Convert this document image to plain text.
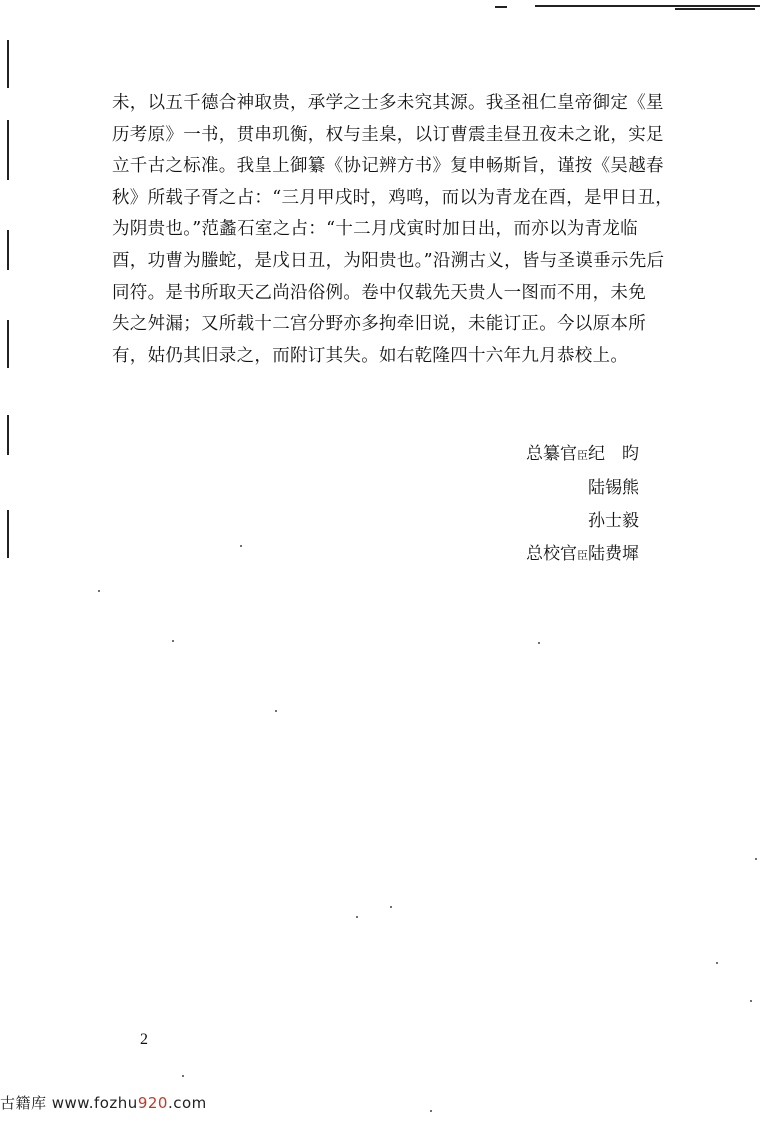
未，以五千德合神取贵，承学之士多未究其源。我圣祖仁皇帝御定《星
历考原》一书，贯串玑衡，权与圭臬，以订曹震圭昼丑夜未之讹，实足
立千古之标准。我皇上御纂《协记辨方书》复申畅斯旨，谨按《吴越春
秋》所载子胥之占：“三月甲戌时，鸡鸣，而以为青龙在酉，是甲日丑，
为阴贵也。”范蠡石室之占：“十二月戊寅时加日出，而亦以为青龙临
酉，功曹为螣蛇，是戊日丑，为阳贵也。”沿溯古义，皆与圣谟垂示先后
同符。是书所取天乙尚沿俗例。卷中仅载先天贵人一图而不用，未免
失之舛漏；又所载十二宫分野亦多拘牵旧说，未能订正。今以原本所
有，姑仍其旧录之，而附订其失。如右乾隆四十六年九月恭校上。
总纂官臣纪　昀
陆锡熊
孙士毅
总校官臣陆费墀
2
古籍库 www.fozhu920.com
